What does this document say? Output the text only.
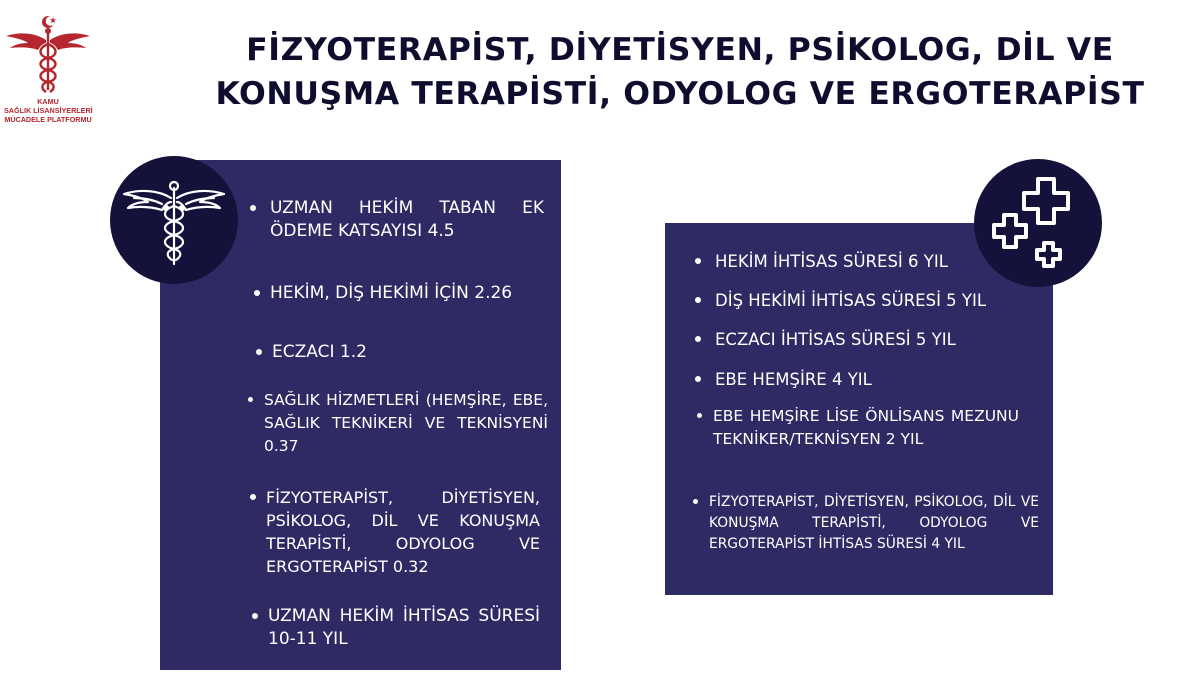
KAMU
SAĞLIK LİSANSİYERLERİ
MÜCADELE PLATFORMU
FİZYOTERAPİST, DİYETİSYEN, PSİKOLOG, DİL VE
KONUŞMA TERAPİSTİ, ODYOLOG VE ERGOTERAPİST
UZMAN HEKİM TABAN EK ÖDEME KATSAYISI 4.5
HEKİM, DİŞ HEKİMİ İÇİN 2.26
ECZACI 1.2
SAĞLIK HİZMETLERİ (HEMŞİRE, EBE, SAĞLIK TEKNİKERİ VE TEKNİSYENİ 0.37
FİZYOTERAPİST, DİYETİSYEN, PSİKOLOG, DİL VE KONUŞMA TERAPİSTİ, ODYOLOG VE ERGOTERAPİST 0.32
UZMAN HEKİM İHTİSAS SÜRESİ 10-11 YIL
HEKİM İHTİSAS SÜRESİ 6 YIL
DİŞ HEKİMİ İHTİSAS SÜRESİ 5 YIL
ECZACI İHTİSAS SÜRESİ 5 YIL
EBE HEMŞİRE 4 YIL
EBE HEMŞİRE LİSE ÖNLİSANS MEZUNU TEKNİKER/TEKNİSYEN 2 YIL
FİZYOTERAPİST, DİYETİSYEN, PSİKOLOG, DİL VE KONUŞMA TERAPİSTİ, ODYOLOG VE ERGOTERAPİST İHTİSAS SÜRESİ 4 YIL
